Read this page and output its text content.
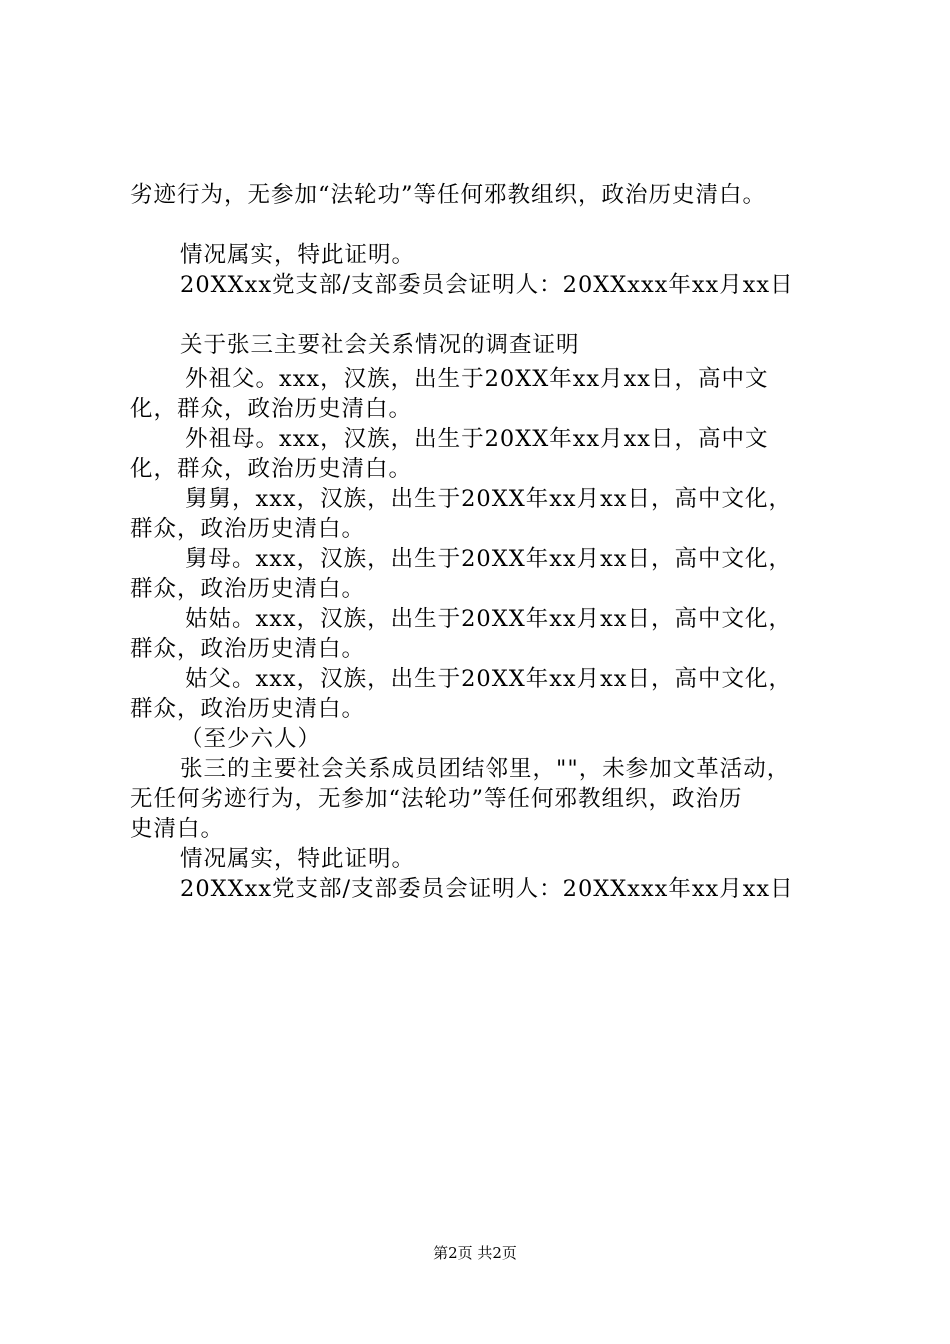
劣迹行为，无参加“法轮功”等任何邪教组织，政治历史清白。

情况属实，特此证明。

20XXxx党支部/支部委员会证明人：20XXxxx年xx月xx日

关于张三主要社会关系情况的调查证明

外祖父。xxx，汉族，出生于20XX年xx月xx日，高中文

化，群众，政治历史清白。

外祖母。xxx，汉族，出生于20XX年xx月xx日，高中文

化，群众，政治历史清白。

舅舅，xxx，汉族，出生于20XX年xx月xx日，高中文化，

群众，政治历史清白。

舅母。xxx，汉族，出生于20XX年xx月xx日，高中文化，

群众，政治历史清白。

姑姑。xxx，汉族，出生于20XX年xx月xx日，高中文化，

群众，政治历史清白。

姑父。xxx，汉族，出生于20XX年xx月xx日，高中文化，

群众，政治历史清白。

（至少六人）

张三的主要社会关系成员团结邻里，""，未参加文革活动，

无任何劣迹行为，无参加“法轮功”等任何邪教组织，政治历

史清白。

情况属实，特此证明。

20XXxx党支部/支部委员会证明人：20XXxxx年xx月xx日

第2页 共2页
